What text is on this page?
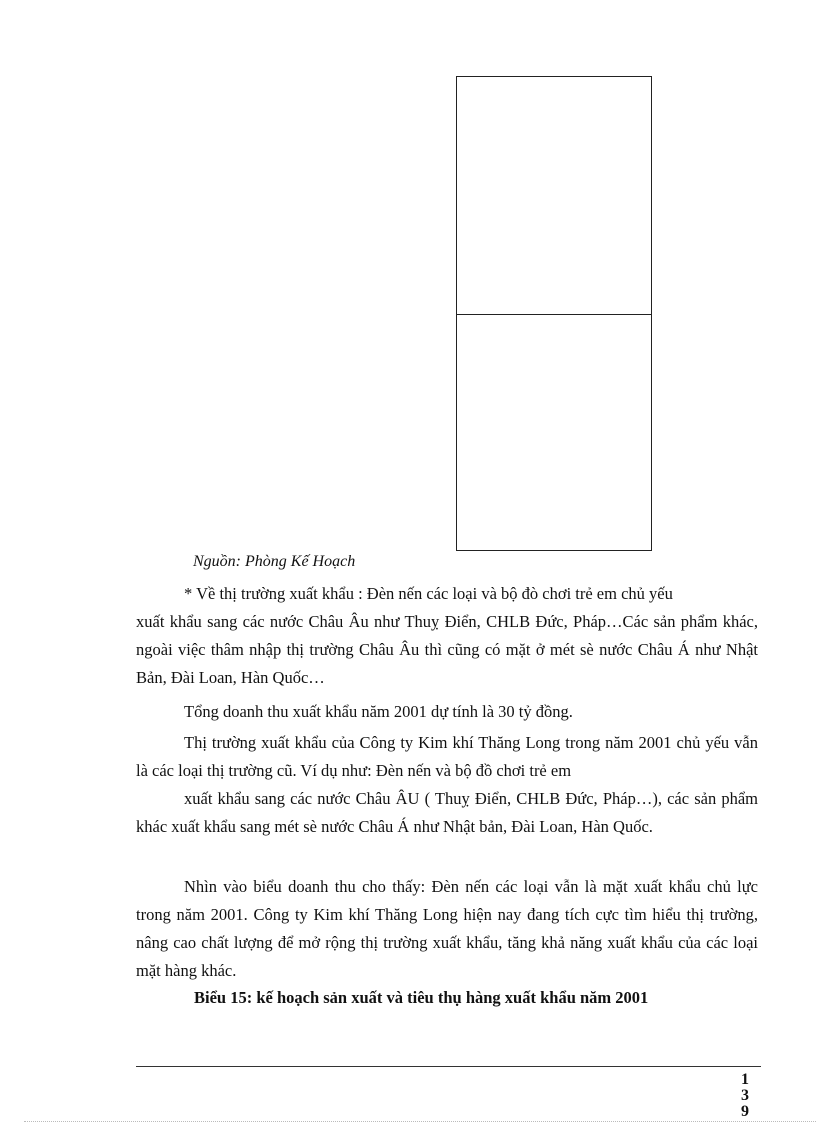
Nguồn: Phòng Kế Hoạch

* Về thị trường xuất khẩu : Đèn nến các loại và bộ đò chơi trẻ em chủ yếu

xuất khẩu sang các nước Châu Âu như Thuỵ Điển, CHLB Đức, Pháp…Các sản phẩm khác, ngoài việc thâm nhập thị trường Châu Âu thì cũng có mặt ở mét sè nước Châu Á như Nhật Bản, Đài Loan, Hàn Quốc…

Tổng doanh thu xuất khẩu năm 2001 dự tính là 30 tỷ đồng.

Thị trường xuất khẩu của Công ty Kim khí Thăng Long trong năm 2001 chủ yếu vẫn là các loại thị trường cũ. Ví dụ như: Đèn nến và bộ đồ chơi trẻ em

xuất khẩu sang các nước Châu ÂU ( Thuỵ Điển, CHLB Đức, Pháp…), các sản phẩm khác xuất khẩu sang mét sè nước Châu Á như Nhật bản, Đài Loan, Hàn Quốc.

Nhìn vào biểu doanh thu cho thấy: Đèn nến các loại vẫn là mặt xuất khẩu chủ lực trong năm 2001. Công ty Kim khí Thăng Long hiện nay đang tích cực tìm hiểu thị trường, nâng cao chất lượng để mở rộng thị trường xuất khẩu, tăng khả năng xuất khẩu của các loại mặt hàng khác.

Biểu 15: kế hoạch sản xuất và tiêu thụ hàng xuất khẩu năm 2001
1
3
9
